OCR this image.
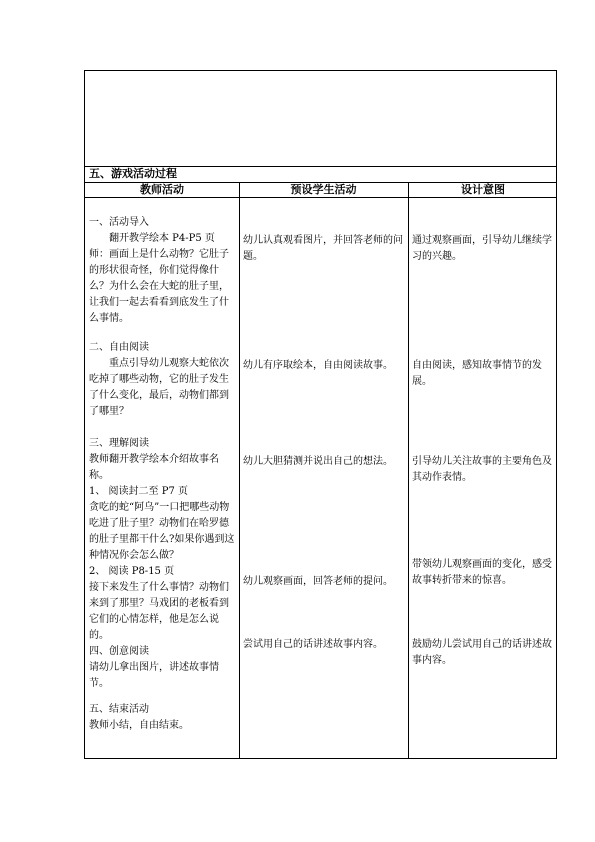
五、游戏活动过程
教师活动	预设学生活动	设计意图
一、活动导入
翻开教学绘本 P4-P5 页
师：画面上是什么动物？它肚子的形状很奇怪，你们觉得像什么？为什么会在大蛇的肚子里，让我们一起去看看到底发生了什么事情。
二、自由阅读
重点引导幼儿观察大蛇依次吃掉了哪些动物，它的肚子发生了什么变化，最后，动物们都到了哪里？
三、理解阅读
教师翻开教学绘本介绍故事名称。
1、 阅读封二至 P7 页
贪吃的蛇“阿乌”一口把哪些动物吃进了肚子里？动物们在哈罗德的肚子里都干什么?如果你遇到这种情况你会怎么做？
2、 阅读 P8-15 页
接下来发生了什么事情？动物们来到了那里？马戏团的老板看到它们的心情怎样，他是怎么说的。
四、创意阅读
请幼儿拿出图片，讲述故事情节。
五、结束活动
教师小结，自由结束。
幼儿认真观看图片，并回答老师的问题。
幼儿有序取绘本，自由阅读故事。
幼儿大胆猜测并说出自己的想法。
幼儿观察画面，回答老师的提问。
尝试用自己的话讲述故事内容。
通过观察画面，引导幼儿继续学习的兴趣。
自由阅读，感知故事情节的发展。
引导幼儿关注故事的主要角色及其动作表情。
带领幼儿观察画面的变化，感受故事转折带来的惊喜。
鼓励幼儿尝试用自己的话讲述故事内容。
